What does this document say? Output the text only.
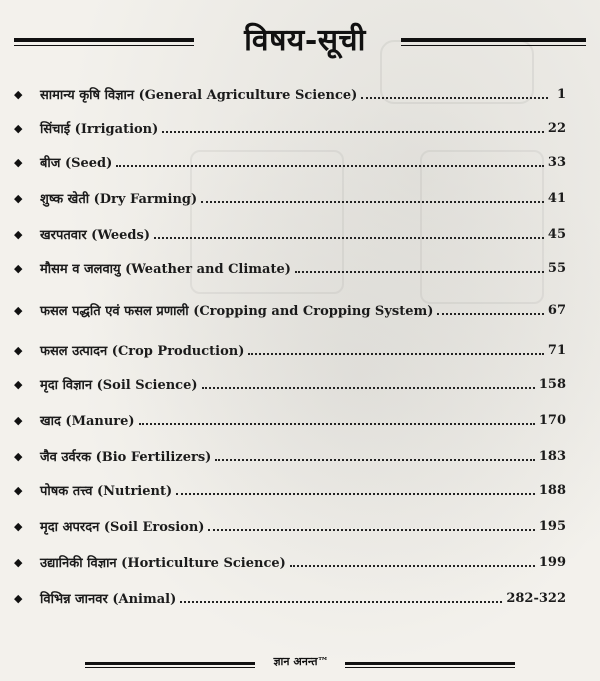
विषय-सूची
◆	सामान्य कृषि विज्ञान (General Agriculture Science)	1
◆	सिंचाई (Irrigation)	22
◆	बीज (Seed)	33
◆	शुष्क खेती (Dry Farming)	41
◆	खरपतवार (Weeds)	45
◆	मौसम व जलवायु (Weather and Climate)	55
◆	फसल पद्धति एवं फसल प्रणाली (Cropping and Cropping System)	67
◆	फसल उत्पादन (Crop Production)	71
◆	मृदा विज्ञान (Soil Science)	158
◆	खाद (Manure)	170
◆	जैव उर्वरक (Bio Fertilizers)	183
◆	पोषक तत्त्व (Nutrient)	188
◆	मृदा अपरदन (Soil Erosion)	195
◆	उद्यानिकी विज्ञान (Horticulture Science)	199
◆	विभिन्न जानवर (Animal)	282-322
ज्ञान अनन्त™
